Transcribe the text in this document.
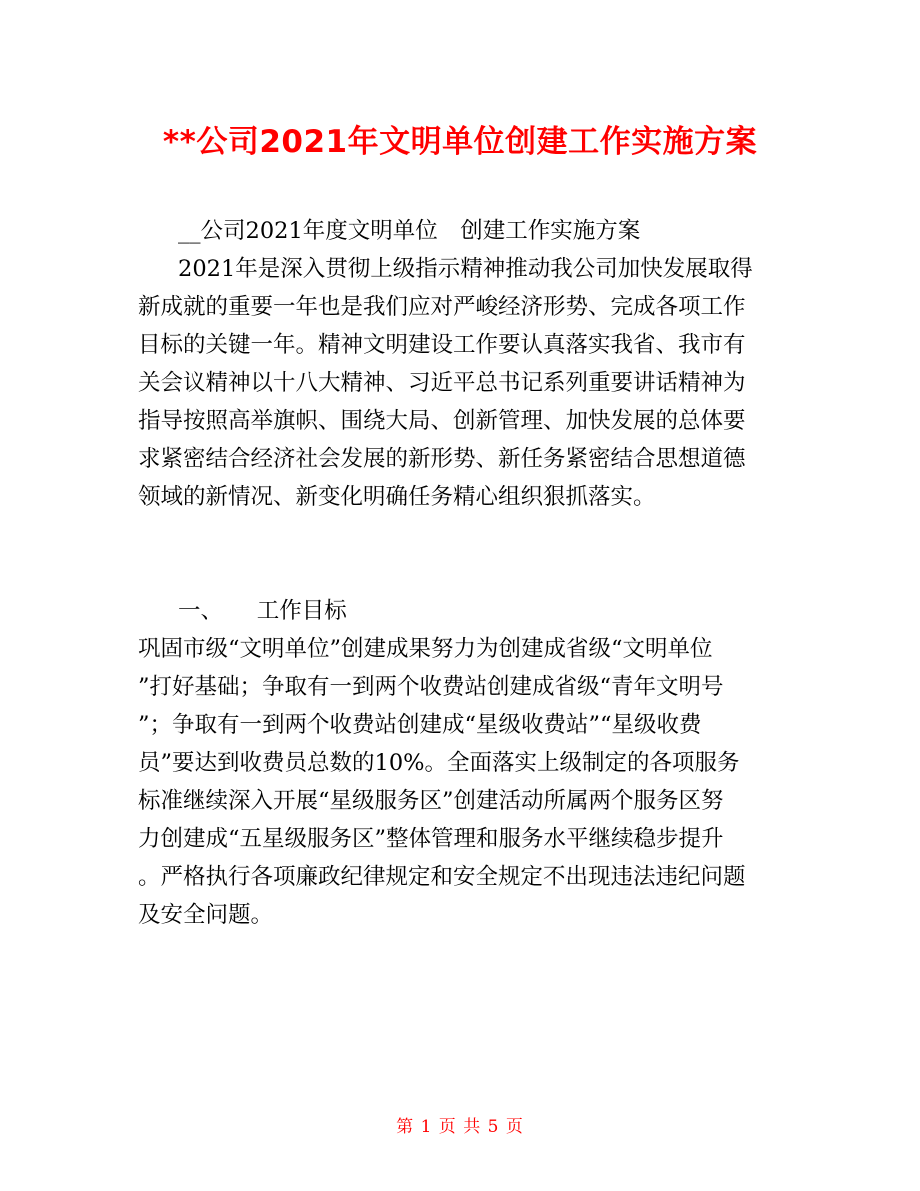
**公司2021年文明单位创建工作实施方案
__公司2021年度文明单位　创建工作实施方案
2021年是深入贯彻上级指示精神推动我公司加快发展取得
新成就的重要一年也是我们应对严峻经济形势、完成各项工作
目标的关键一年。精神文明建设工作要认真落实我省、我市有
关会议精神以十八大精神、习近平总书记系列重要讲话精神为
指导按照高举旗帜、围绕大局、创新管理、加快发展的总体要
求紧密结合经济社会发展的新形势、新任务紧密结合思想道德
领域的新情况、新变化明确任务精心组织狠抓落实。
一、　　工作目标
巩固市级“文明单位”创建成果努力为创建成省级“文明单位
”打好基础；争取有一到两个收费站创建成省级“青年文明号
”；争取有一到两个收费站创建成“星级收费站”“星级收费
员”要达到收费员总数的10%。全面落实上级制定的各项服务
标准继续深入开展“星级服务区”创建活动所属两个服务区努
力创建成“五星级服务区”整体管理和服务水平继续稳步提升
。严格执行各项廉政纪律规定和安全规定不出现违法违纪问题
及安全问题。
第 1 页 共 5 页
